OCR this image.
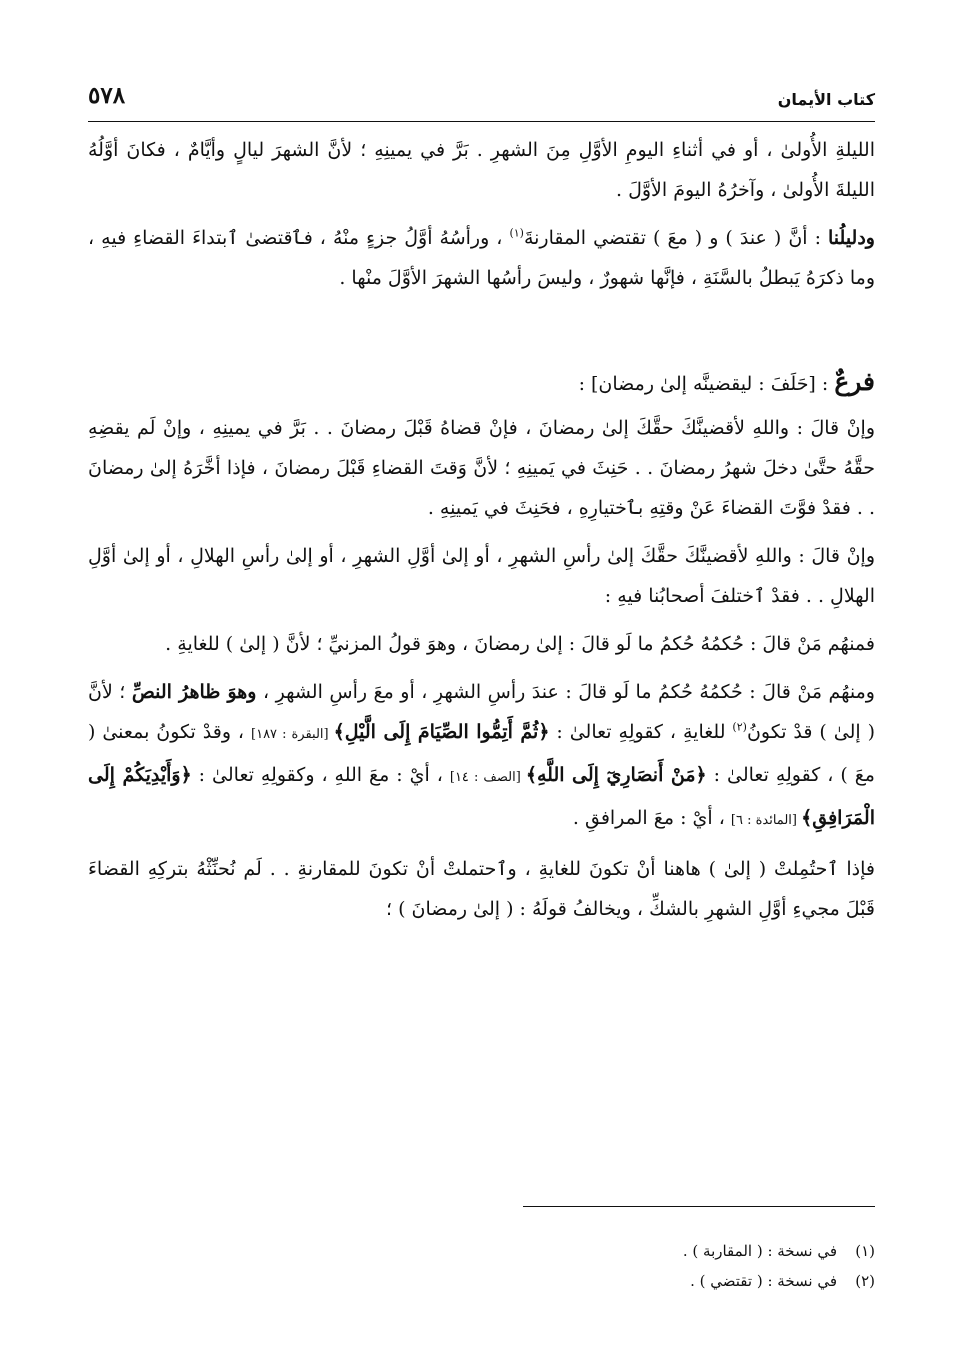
كتاب الأيمان
٥٧٨

الليلةِ الأُولىٰ ، أو في أثناءِ اليومِ الأوَّلِ مِنَ الشهرِ . بَرَّ في يمينِهِ ؛ لأنَّ الشهرَ ليالٍ وأيَّامٌ ، فكانَ أوَّلُهُ الليلةَ الأُولىٰ ، وآخرُهُ اليومَ الأوَّلَ .

ودليلُنا : أنَّ ( عندَ ) و ( معَ ) تقتضي المقارنةَ$^{(١)}$ ، ورأسُهُ أوَّلُ جزءٍ منْهُ ، فٱقتضىٰ ٱبتداءَ القضاءِ فيهِ ، وما ذكرَهُ يَبطلُ بالسَّنَةِ ، فإنَّها شهورٌ ، وليسَ رأسُها الشهرَ الأوَّلَ منْها .

فرعٌ : [حَلَفَ : ليقضينَّه إلىٰ رمضان] :

وإنْ قالَ : واللهِ لأقضينَّكَ حقَّكَ إلىٰ رمضانَ ، فإنْ قضاهُ قَبْلَ رمضانَ . . بَرَّ في يمينِهِ ، وإنْ لَم يقضِهِ حقَّهُ حتَّىٰ دخلَ شهرُ رمضانَ . . حَنِثَ في يَمينِهِ ؛ لأنَّ وَقتَ القضاءِ قَبْلَ رمضانَ ، فإذا أخَّرَهُ إلىٰ رمضانَ . . فقدْ فوَّتَ القضاءَ عَنْ وقتِهِ بٱختيارِهِ ، فحَنِثَ في يَمينِهِ .

وإنْ قالَ : واللهِ لأقضينَّكَ حقَّكَ إلىٰ رأسِ الشهرِ ، أو إلىٰ أوَّلِ الشهرِ ، أو إلىٰ رأسِ الهلالِ ، أو إلىٰ أوَّلِ الهلالِ . . فقدْ ٱختلفَ أصحابُنا فيهِ :

فمنهُم مَنْ قالَ : حُكمُهُ حُكمُ ما لَو قالَ : إلىٰ رمضانَ ، وهوَ قولُ المزنيِّ ؛ لأنَّ ( إلىٰ ) للغايةِ .

ومنهُم مَنْ قالَ : حُكمُهُ حُكمُ ما لَو قالَ : عندَ رأسِ الشهرِ ، أو معَ رأسِ الشهرِ ، وهوَ ظاهرُ النصِّ ؛ لأنَّ ( إلىٰ ) قدْ تكونُ$^{(٢)}$ للغايةِ ، كقولِهِ تعالىٰ : ﴿ثُمَّ أَتِمُّوا الصِّيَامَ إِلَى الَّيْلِ﴾ [البقرة : ١٨٧] ، وقدْ تكونُ بمعنىٰ ( معَ ) ، كقولِهِ تعالىٰ : ﴿مَنْ أَنصَارِيٓ إِلَى اللَّهِ﴾ [الصف : ١٤] ، أيْ : معَ اللهِ ، وكقولِهِ تعالىٰ : ﴿وَأَيْدِيَكُمْ إِلَى الْمَرَافِقِ﴾ [المائدة : ٦] ، أيْ : معَ المرافقِ .

فإذا ٱحتُمِلتْ ( إلىٰ ) هاهنا أنْ تكونَ للغايةِ ، وٱحتملتْ أنْ تكونَ للمقارنةِ . . لَم نُحنِّثْهُ بتركِهِ القضاءَ قَبْلَ مجيءِ أوَّلِ الشهرِ بالشكِّ ، ويخالفُ قولَهُ : ( إلىٰ رمضانَ ) ؛

(١)في نسخة : ( المقاربة ) .

(٢)في نسخة : ( تقتضي ) .
